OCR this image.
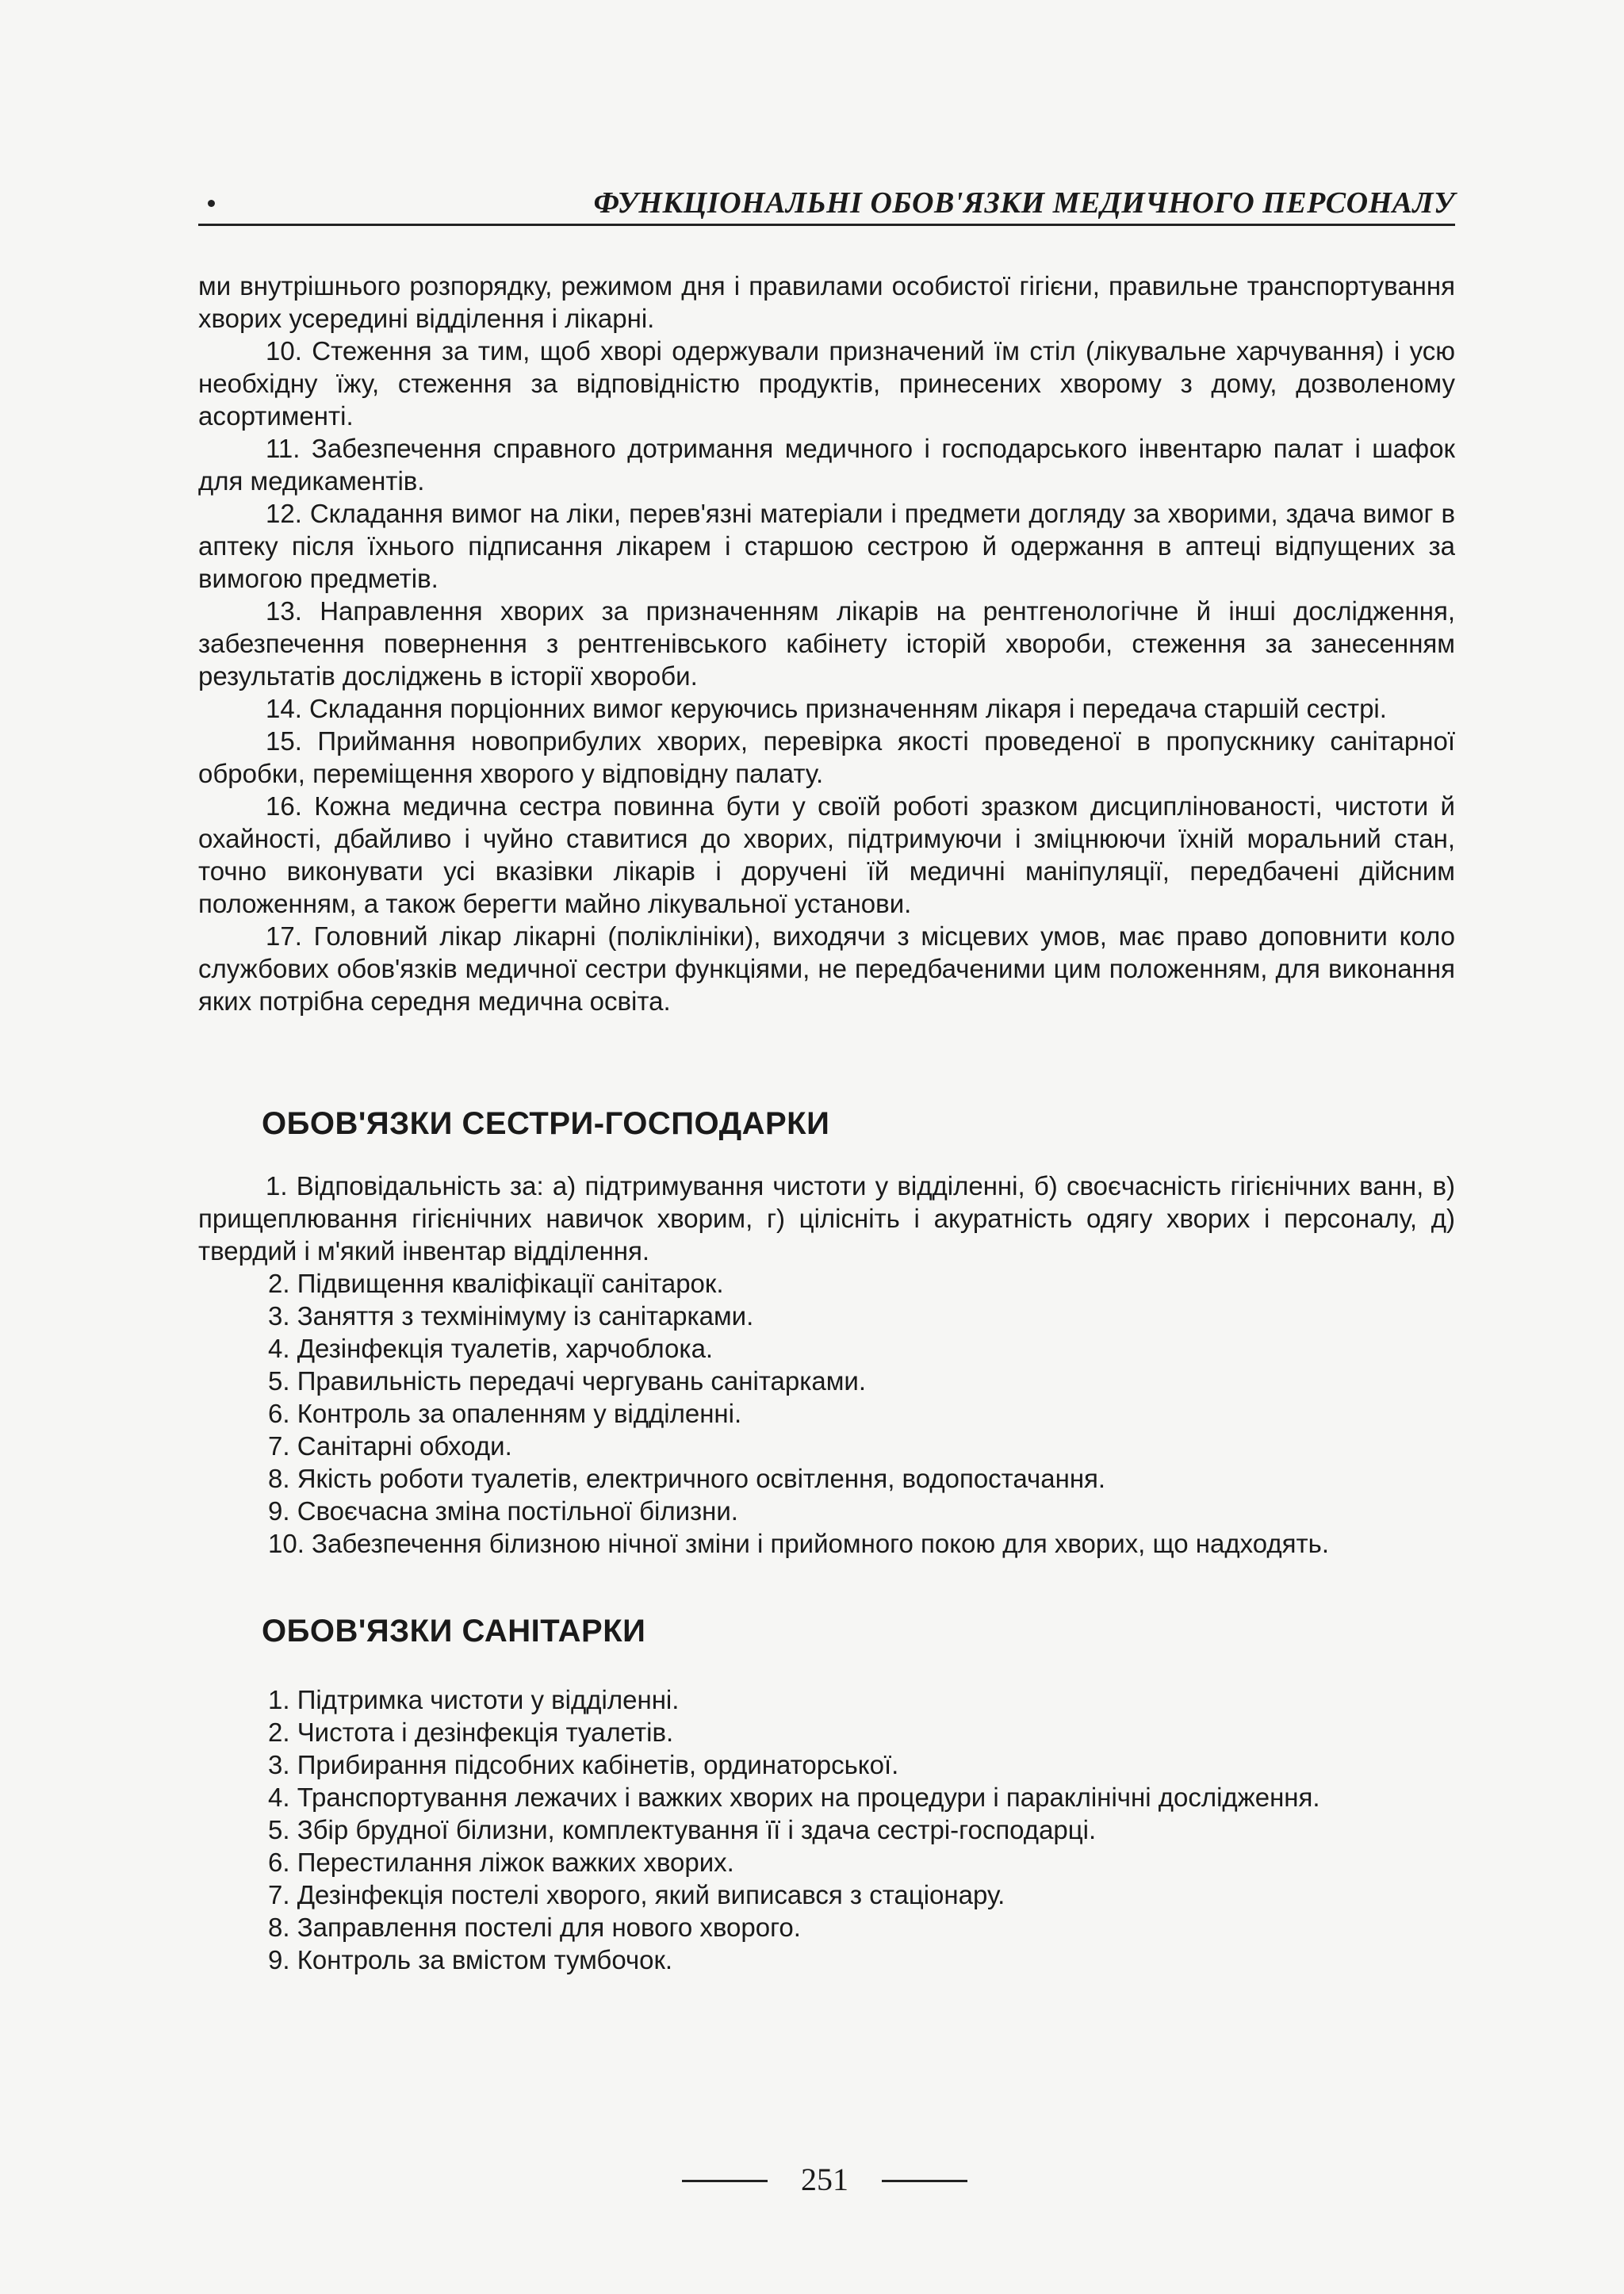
ФУНКЦІОНАЛЬНІ ОБОВ'ЯЗКИ МЕДИЧНОГО ПЕРСОНАЛУ

ми внутрішнього розпорядку, режимом дня і правилами особистої гігієни, правильне транспортування хворих усередині відділення і лікарні.

10. Стеження за тим, щоб хворі одержували призначений їм стіл (лікувальне харчування) і усю необхідну їжу, стеження за відповідністю продуктів, принесених хворому з дому, дозволеному асортименті.

11. Забезпечення справного дотримання медичного і господарського інвентарю палат і шафок для медикаментів.

12. Складання вимог на ліки, перев'язні матеріали і предмети догляду за хворими, здача вимог в аптеку після їхнього підписання лікарем і старшою сестрою й одержання в аптеці відпущених за вимогою предметів.

13. Направлення хворих за призначенням лікарів на рентгенологічне й інші дослідження, забезпечення повернення з рентгенівського кабінету історій хвороби, стеження за занесенням результатів досліджень в історії хвороби.

14. Складання порціонних вимог керуючись призначенням лікаря і передача старшій сестрі.

15. Приймання новоприбулих хворих, перевірка якості проведеної в пропускнику санітарної обробки, переміщення хворого у відповідну палату.

16. Кожна медична сестра повинна бути у своїй роботі зразком дисциплінованості, чистоти й охайності, дбайливо і чуйно ставитися до хворих, підтримуючи і зміцнюючи їхній моральний стан, точно виконувати усі вказівки лікарів і доручені їй медичні маніпуляції, передбачені дійсним положенням, а також берегти майно лікувальної установи.

17. Головний лікар лікарні (поліклініки), виходячи з місцевих умов, має право доповнити коло службових обов'язків медичної сестри функціями, не передбаченими цим положенням, для виконання яких потрібна середня медична освіта.

ОБОВ'ЯЗКИ СЕСТРИ-ГОСПОДАРКИ

1. Відповідальність за: а) підтримування чистоти у відділенні, б) своєчасність гігієнічних ванн, в) прищеплювання гігієнічних навичок хворим, г) цілісніть і акуратність одягу хворих і персоналу, д) твердий і м'який інвентар відділення.

2. Підвищення кваліфікації санітарок.
3. Заняття з техмінімуму із санітарками.
4. Дезінфекція туалетів, харчоблока.
5. Правильність передачі чергувань санітарками.
6. Контроль за опаленням у відділенні.
7. Санітарні обходи.
8. Якість роботи туалетів, електричного освітлення, водопостачання.
9. Своєчасна зміна постільної білизни.
10. Забезпечення білизною нічної зміни і прийомного покою для хворих, що надходять.
ОБОВ'ЯЗКИ САНІТАРКИ
1. Підтримка чистоти у відділенні.
2. Чистота і дезінфекція туалетів.
3. Прибирання підсобних кабінетів, ординаторської.
4. Транспортування лежачих і важких хворих на процедури і параклінічні дослідження.
5. Збір брудної білизни, комплектування її і здача сестрі-господарці.
6. Перестилання ліжок важких хворих.
7. Дезінфекція постелі хворого, який виписався з стаціонару.
8. Заправлення постелі для нового хворого.
9. Контроль за вмістом тумбочок.
251
